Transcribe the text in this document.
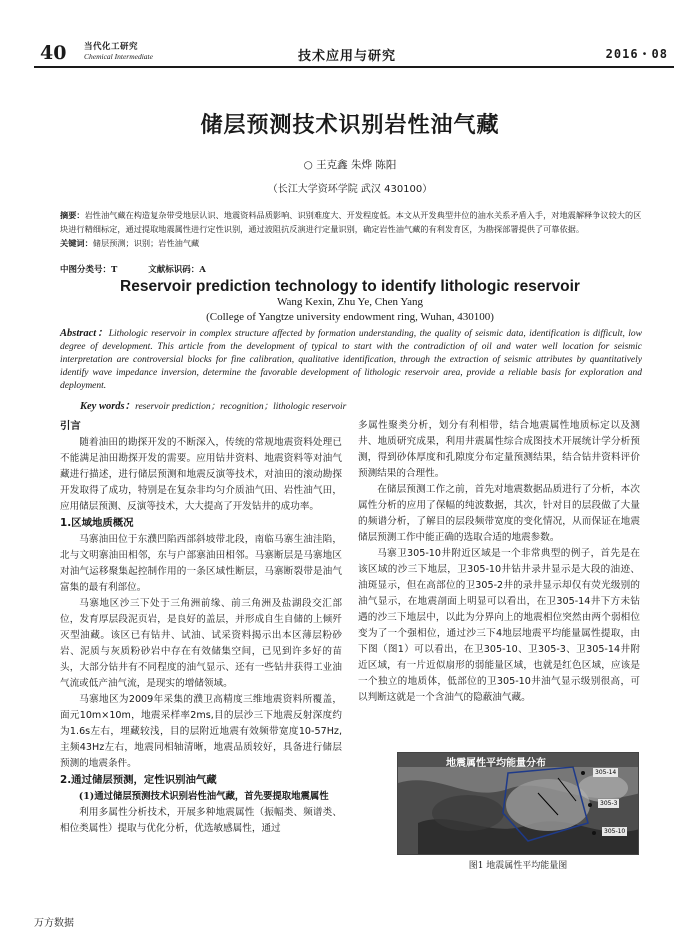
40 当代化工研究
Chemical Intermediate	技术应用与研究	2016・08
储层预测技术识别岩性油气藏
○ 王克鑫 朱烨 陈阳
（长江大学资环学院 武汉 430100）
摘要：岩性油气藏在构造复杂带受地层认识、地震资料品质影响、识别难度大、开发程度低。本文从开发典型井位的油水关系矛盾入手，对地震解释争议较大的区块进行精细标定，通过提取地震属性进行定性识别，通过波阻抗反演进行定量识别，确定岩性油气藏的有利发育区，为勘探部署提供了可靠依据。
关键词：储层预测；识别；岩性油气藏
中图分类号：T	文献标识码：A
Reservoir prediction technology to identify lithologic reservoir
Wang Kexin, Zhu Ye, Chen Yang
(College of Yangtze university endowment ring, Wuhan, 430100)
Abstract：Lithologic reservoir in complex structure affected by formation understanding, the quality of seismic data, identification is difficult, low degree of development. This article from the development of typical to start with the contradiction of oil and water well location for seismic interpretation are controversial blocks for fine calibration, qualitative identification, through the extraction of seismic attributes by quantitatively identify wave impedance inversion, determine the favorable development of lithologic reservoir area, provide a reliable basis for exploration and deployment.
Key words：reservoir prediction；recognition；lithologic reservoir
引言
随着油田的勘探开发的不断深入，传统的常规地震资料处理已不能满足油田勘探开发的需要。应用钻井资料、地震资料等对油气藏进行描述，进行储层预测和地震反演等技术，对油田的滚动勘探开发取得了成功，特别是在复杂非均匀介质油气田、岩性油气田，应用储层预测、反演等技术，大大提高了开发钻井的成功率。
1.区域地质概况
马寨油田位于东濮凹陷西部斜坡带北段，南临马寨生油洼陷，北与文明寨油田相邻，东与户部寨油田相邻。马寨断层是马寨地区对油气运移聚集起控制作用的一条区域性断层，马寨断裂带是油气富集的最有利部位。
马寨地区沙三下处于三角洲前缘、前三角洲及盐湖段交汇部位，发育厚层段泥页岩，是良好的盖层，并形成自生自储的上倾歼灭型油藏。该区已有钻井、试油、试采资料揭示出本区薄层粉砂岩、泥质与灰质粉砂岩中存在有效储集空间，已见到许多好的苗头，大部分钻井有不同程度的油气显示、还有一些钻井获得工业油气流或低产油气流，是现实的增储领域。
马寨地区为2009年采集的濮卫高精度三维地震资料所覆盖，面元10m×10m，地震采样率2ms,目的层沙三下地震反射深度约为1.6s左右，埋藏较浅，目的层附近地震有效频带宽度10-57Hz,主频43Hz左右，地震同相轴清晰，地震品质较好，具备进行储层预测的地震条件。
2.通过储层预测，定性识别油气藏
(1)通过储层预测技术识别岩性油气藏，首先要提取地震属性
利用多属性分析技术，开展多种地震属性（振幅类、频谱类、相位类属性）提取与优化分析，优选敏感属性，通过
多属性聚类分析，划分有利相带，结合地震属性地质标定以及测井、地质研究成果，利用井震属性综合成图技术开展统计学分析预测，得到砂体厚度和孔隙度分布定量预测结果，结合钻井资料评价预测结果的合理性。
在储层预测工作之前，首先对地震数据品质进行了分析，本次属性分析的应用了保幅的纯波数据，其次，针对目的层段做了大量的频谱分析，了解目的层段频带宽度的变化情况，从而保证在地震储层预测工作中能正确的选取合适的地震参数。
马寨卫305-10井附近区域是一个非常典型的例子，首先是在该区域的沙三下地层，卫305-10井钻井录井显示是大段的油迹、油斑显示，但在高部位的卫305-2井的录井显示却仅有荧光级别的油气显示，在地震剖面上明显可以看出，在卫305-14井下方未钻遇的沙三下地层中，以此为分界向上的地震相位突然由两个弱相位变为了一个强相位，通过沙三下4地层地震平均能量属性提取，由下图（图1）可以看出，在卫305-10、卫305-3、卫305-14井附近区域，有一片近似扇形的弱能量区域，也就是红色区域，应该是一个独立的地质体，低部位的卫305-10井油气显示级别很高，可以判断这就是一个含油气的隐蔽油气藏。
地震属性平均能量分布
305-14
305-3
305-10
图1 地震属性平均能量图
万方数据
